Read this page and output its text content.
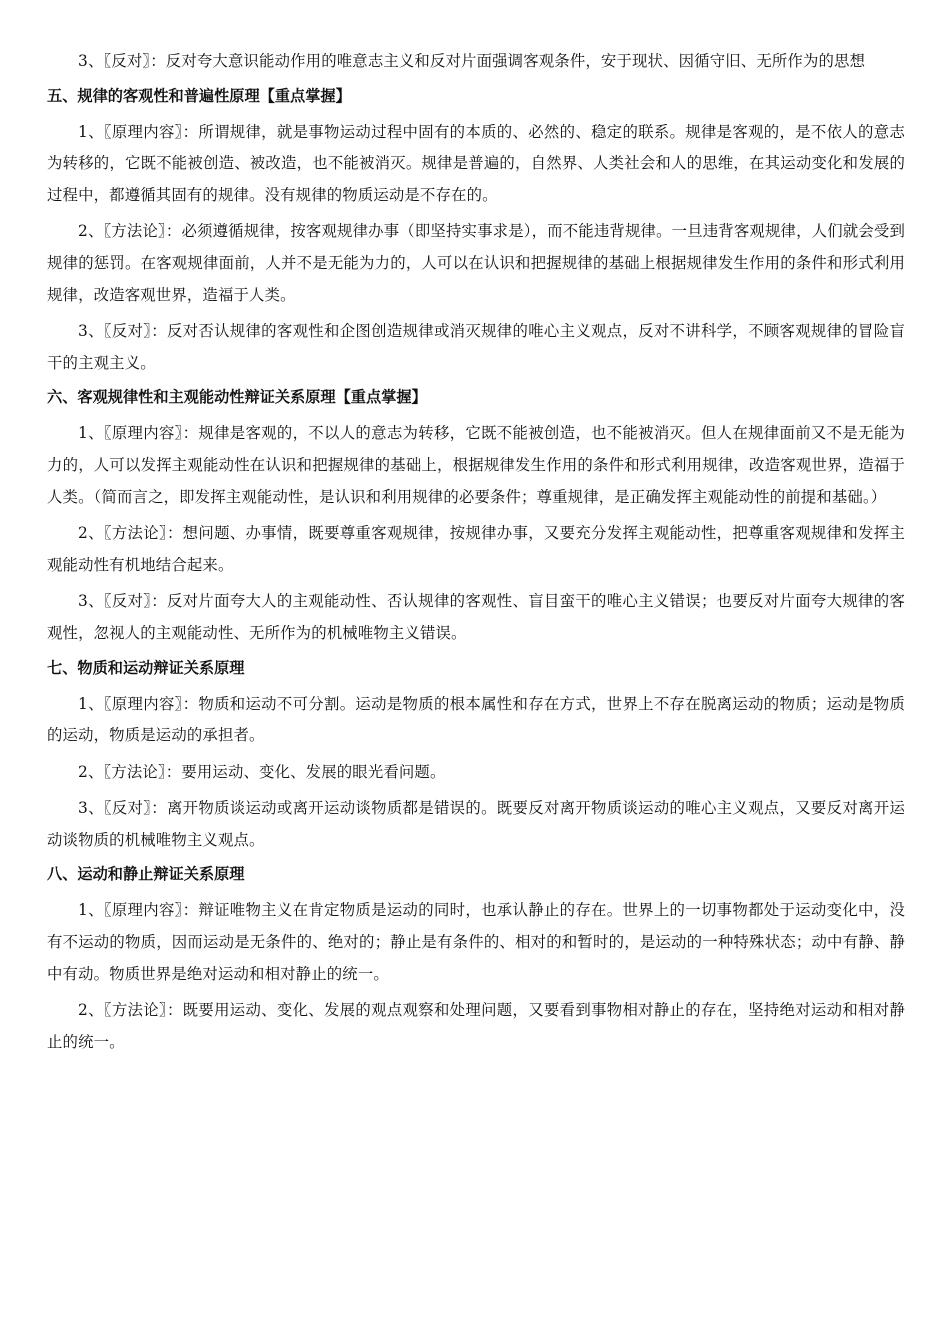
3、〖反对〗：反对夸大意识能动作用的唯意志主义和反对片面强调客观条件，安于现状、因循守旧、无所作为的思想

五、规律的客观性和普遍性原理【重点掌握】

1、〖原理内容〗：所谓规律，就是事物运动过程中固有的本质的、必然的、稳定的联系。规律是客观的，是不依人的意志为转移的，它既不能被创造、被改造，也不能被消灭。规律是普遍的，自然界、人类社会和人的思维，在其运动变化和发展的过程中，都遵循其固有的规律。没有规律的物质运动是不存在的。

2、〖方法论〗：必须遵循规律，按客观规律办事（即坚持实事求是），而不能违背规律。一旦违背客观规律，人们就会受到规律的惩罚。在客观规律面前，人并不是无能为力的，人可以在认识和把握规律的基础上根据规律发生作用的条件和形式利用规律，改造客观世界，造福于人类。

3、〖反对〗：反对否认规律的客观性和企图创造规律或消灭规律的唯心主义观点，反对不讲科学，不顾客观规律的冒险盲干的主观主义。

六、客观规律性和主观能动性辩证关系原理【重点掌握】

1、〖原理内容〗：规律是客观的，不以人的意志为转移，它既不能被创造，也不能被消灭。但人在规律面前又不是无能为力的，人可以发挥主观能动性在认识和把握规律的基础上，根据规律发生作用的条件和形式利用规律，改造客观世界，造福于人类。（简而言之，即发挥主观能动性，是认识和利用规律的必要条件；尊重规律，是正确发挥主观能动性的前提和基础。）

2、〖方法论〗：想问题、办事情，既要尊重客观规律，按规律办事，又要充分发挥主观能动性，把尊重客观规律和发挥主观能动性有机地结合起来。

3、〖反对〗：反对片面夸大人的主观能动性、否认规律的客观性、盲目蛮干的唯心主义错误；也要反对片面夸大规律的客观性，忽视人的主观能动性、无所作为的机械唯物主义错误。

七、物质和运动辩证关系原理

1、〖原理内容〗：物质和运动不可分割。运动是物质的根本属性和存在方式，世界上不存在脱离运动的物质；运动是物质的运动，物质是运动的承担者。

2、〖方法论〗：要用运动、变化、发展的眼光看问题。

3、〖反对〗：离开物质谈运动或离开运动谈物质都是错误的。既要反对离开物质谈运动的唯心主义观点，又要反对离开运动谈物质的机械唯物主义观点。

八、运动和静止辩证关系原理

1、〖原理内容〗：辩证唯物主义在肯定物质是运动的同时，也承认静止的存在。世界上的一切事物都处于运动变化中，没有不运动的物质，因而运动是无条件的、绝对的；静止是有条件的、相对的和暂时的，是运动的一种特殊状态；动中有静、静中有动。物质世界是绝对运动和相对静止的统一。

2、〖方法论〗：既要用运动、变化、发展的观点观察和处理问题，又要看到事物相对静止的存在，坚持绝对运动和相对静止的统一。
